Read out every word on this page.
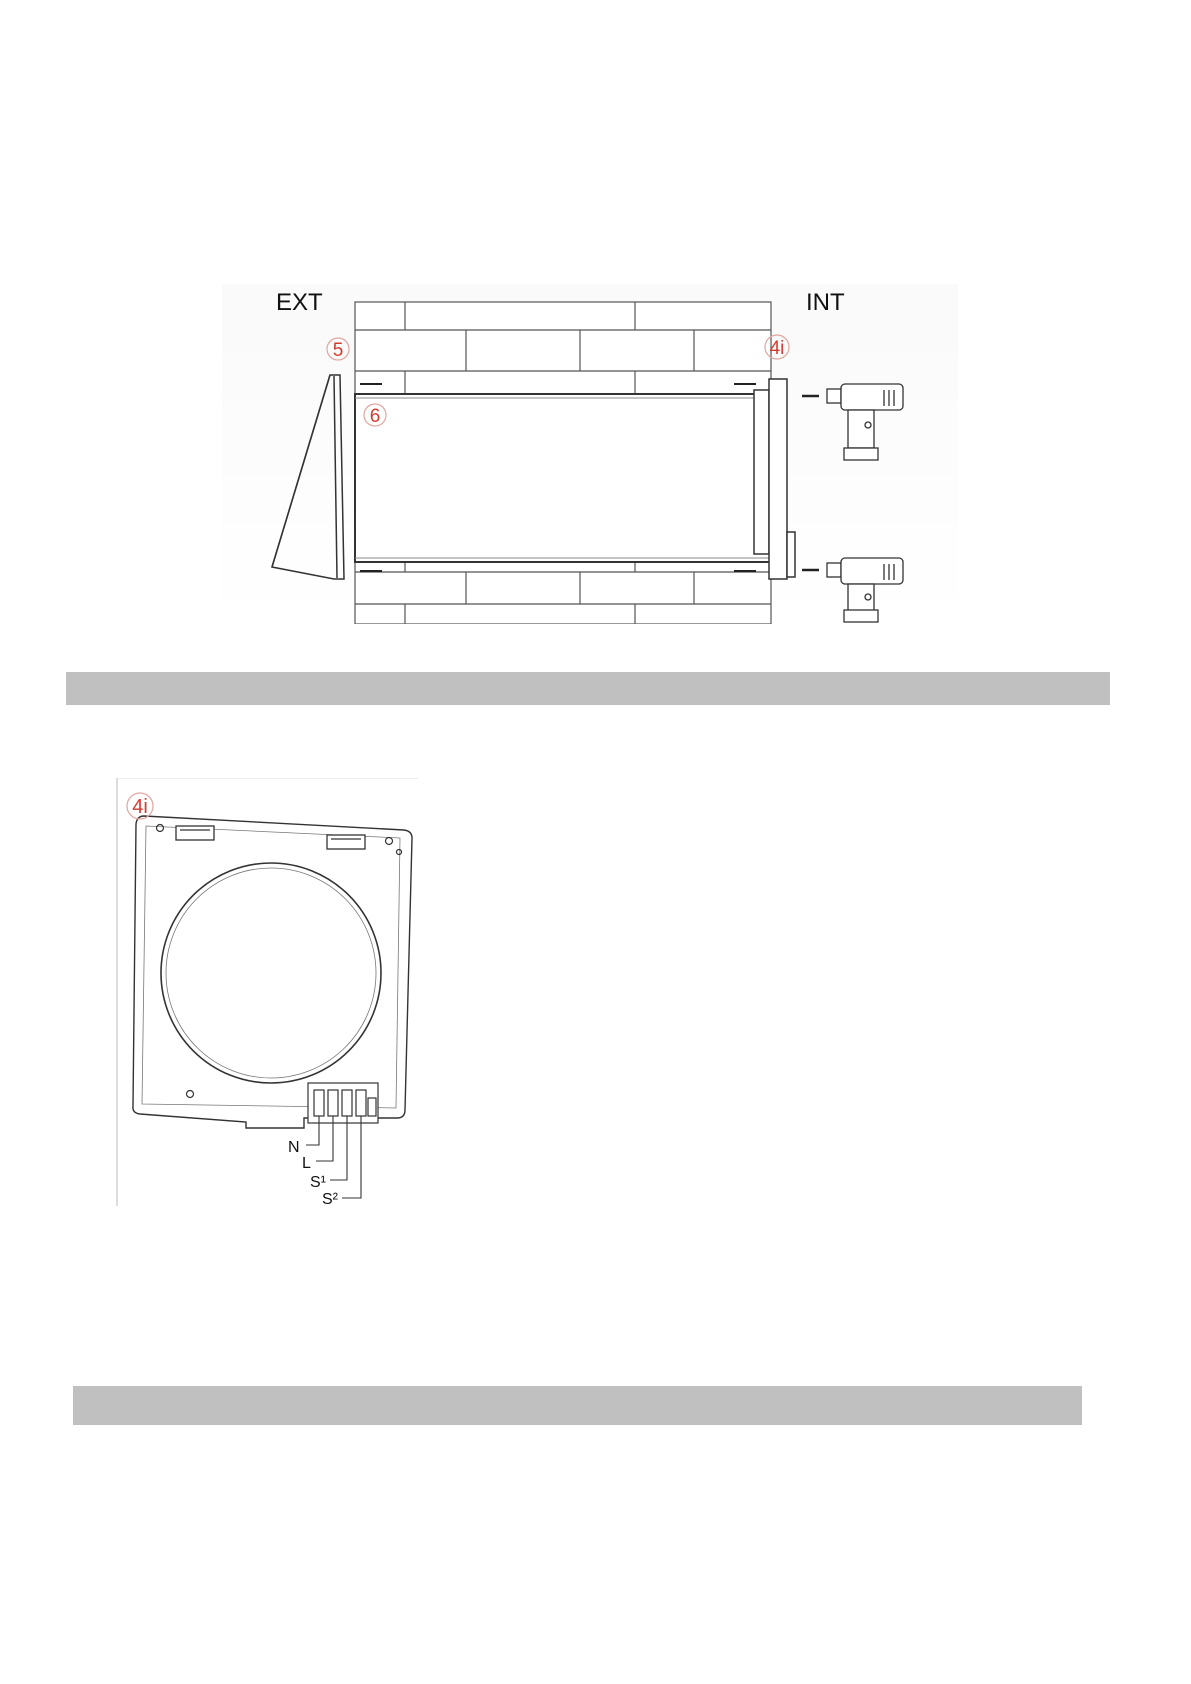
EXT	INT
5
6
4i
N
L
S¹
S²
4i
